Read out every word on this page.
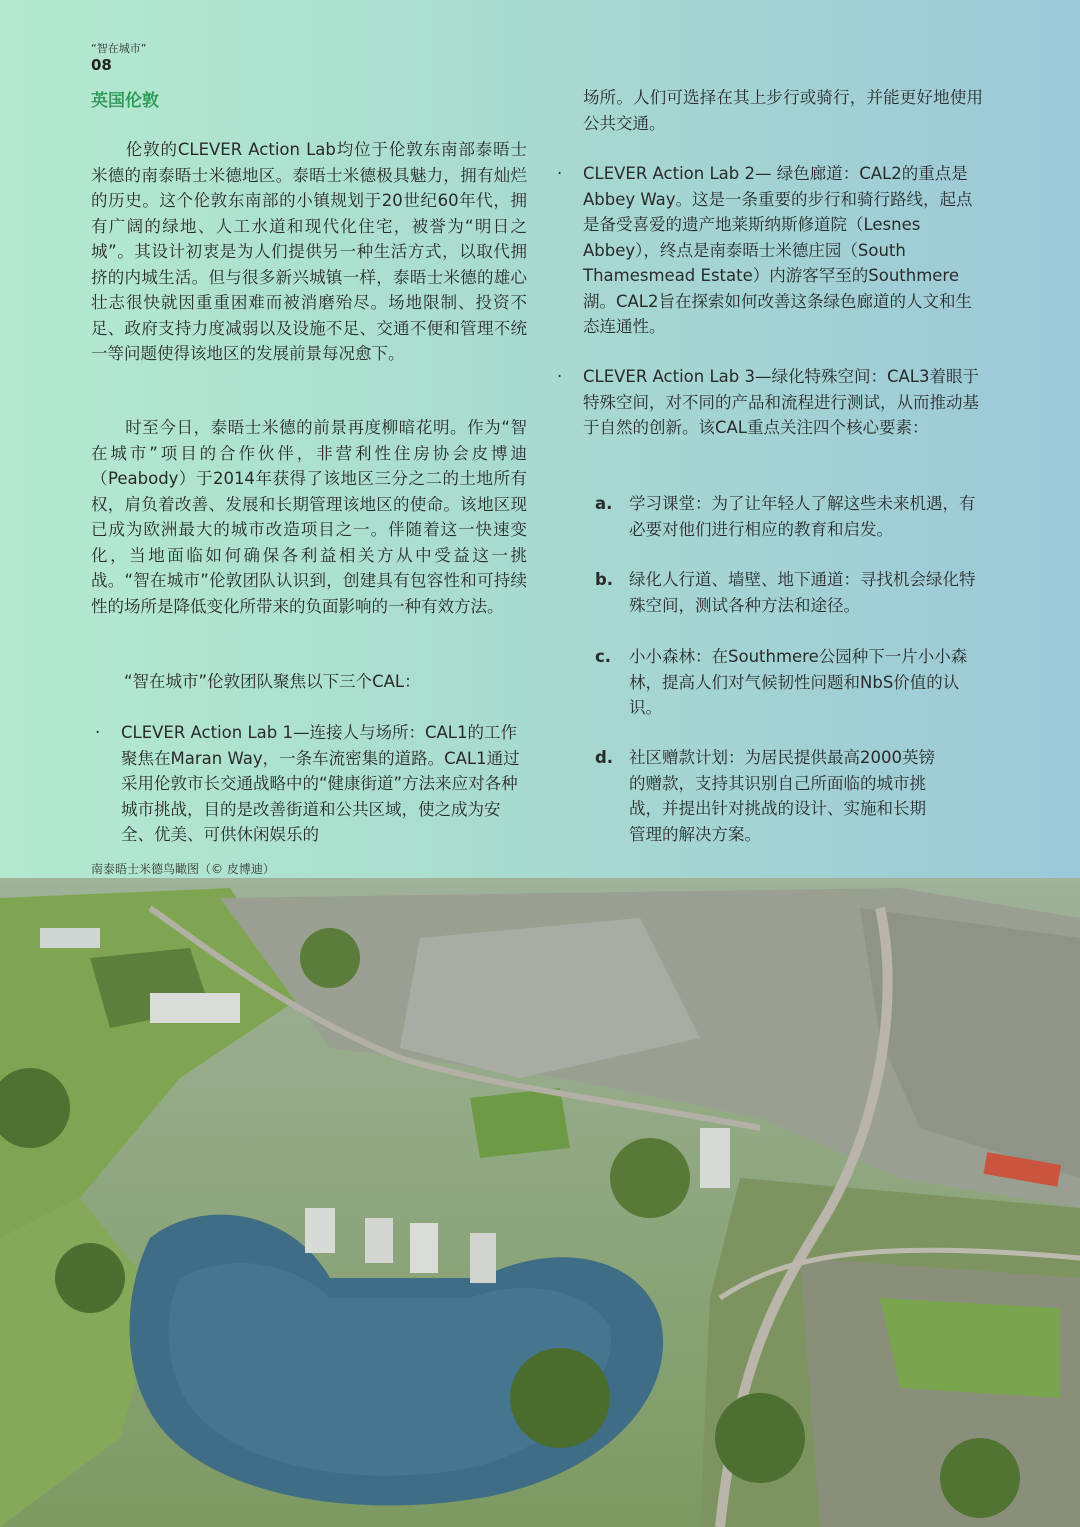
“智在城市”
08
英国伦敦

　　伦敦的CLEVER Action Lab均位于伦敦东南部泰晤士米德的南泰晤士米德地区。泰晤士米德极具魅力，拥有灿烂的历史。这个伦敦东南部的小镇规划于20世纪60年代，拥有广阔的绿地、人工水道和现代化住宅，被誉为“明日之城”。其设计初衷是为人们提供另一种生活方式，以取代拥挤的内城生活。但与很多新兴城镇一样，泰晤士米德的雄心壮志很快就因重重困难而被消磨殆尽。场地限制、投资不足、政府支持力度减弱以及设施不足、交通不便和管理不统一等问题使得该地区的发展前景每况愈下。

　　时至今日，泰晤士米德的前景再度柳暗花明。作为“智在城市”项目的合作伙伴，非营利性住房协会皮博迪（Peabody）于2014年获得了该地区三分之二的土地所有权，肩负着改善、发展和长期管理该地区的使命。该地区现已成为欧洲最大的城市改造项目之一。伴随着这一快速变化，当地面临如何确保各利益相关方从中受益这一挑战。“智在城市”伦敦团队认识到，创建具有包容性和可持续性的场所是降低变化所带来的负面影响的一种有效方法。

　　“智在城市”伦敦团队聚焦以下三个CAL：

· CLEVER Action Lab 1—连接人与场所：CAL1的工作聚焦在Maran Way，一条车流密集的道路。CAL1通过采用伦敦市长交通战略中的“健康街道”方法来应对各种城市挑战，目的是改善街道和公共区域，使之成为安全、优美、可供休闲娱乐的

场所。人们可选择在其上步行或骑行，并能更好地使用公共交通。

· CLEVER Action Lab 2— 绿色廊道：CAL2的重点是Abbey Way。这是一条重要的步行和骑行路线，起点是备受喜爱的遗产地莱斯纳斯修道院（Lesnes Abbey），终点是南泰晤士米德庄园（South Thamesmead Estate）内游客罕至的Southmere湖。CAL2旨在探索如何改善这条绿色廊道的人文和生态连通性。
· CLEVER Action Lab 3—绿化特殊空间：CAL3着眼于特殊空间，对不同的产品和流程进行测试，从而推动基于自然的创新。该CAL重点关注四个核心要素：
a. 学习课堂：为了让年轻人了解这些未来机遇，有必要对他们进行相应的教育和启发。
b. 绿化人行道、墙壁、地下通道：寻找机会绿化特殊空间，测试各种方法和途径。
c. 小小森林：在Southmere公园种下一片小小森林，提高人们对气候韧性问题和NbS价值的认识。
d. 社区赠款计划：为居民提供最高2000英镑的赠款，支持其识别自己所面临的城市挑战，并提出针对挑战的设计、实施和长期管理的解决方案。
南泰晤士米德鸟瞰图（© 皮博迪）
